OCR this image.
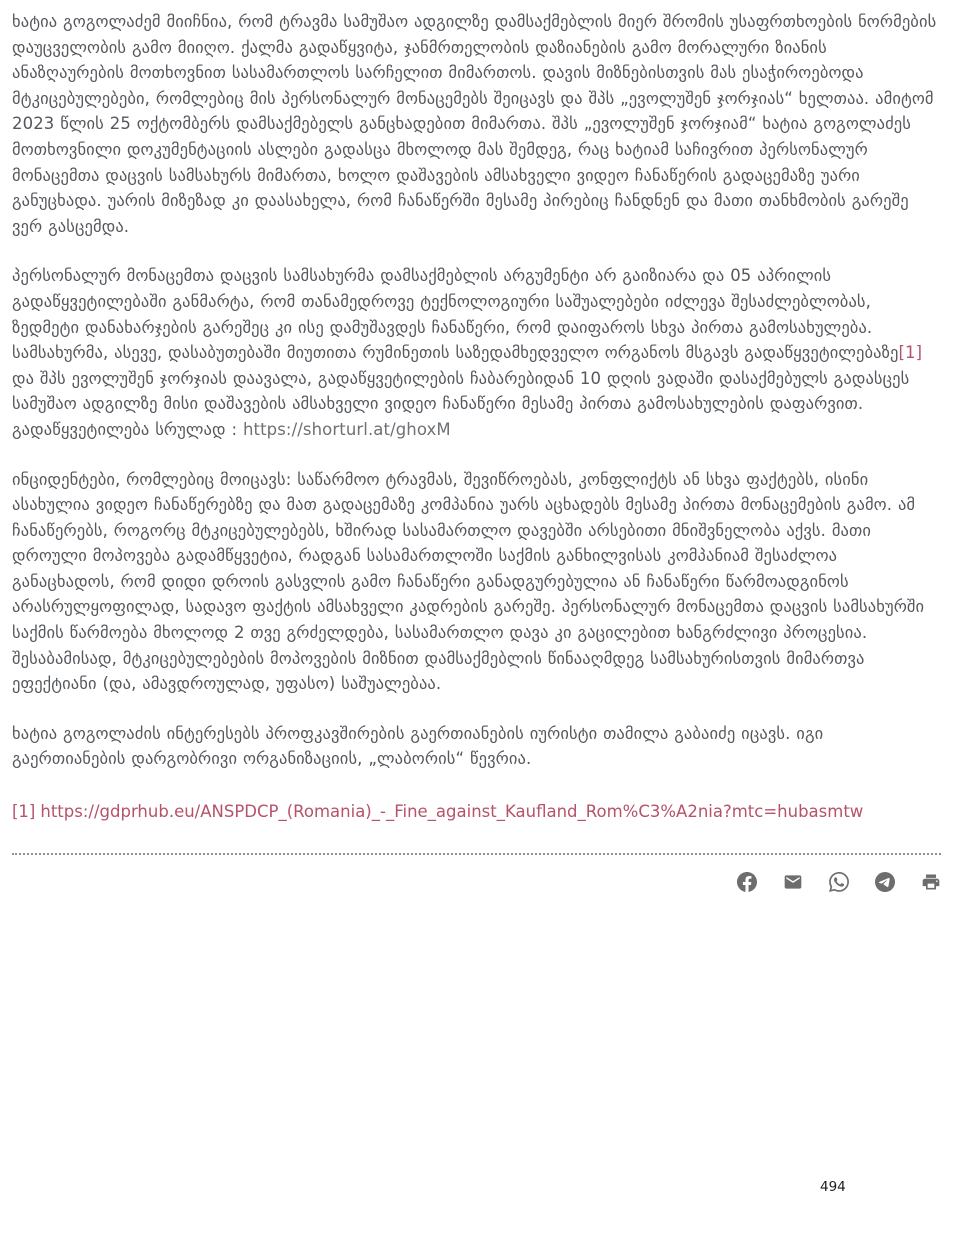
ხატია გოგოლაძემ მიიჩნია, რომ ტრავმა სამუშაო ადგილზე დამსაქმებლის მიერ შრომის უსაფრთხოების ნორმების დაუცველობის გამო მიიღო. ქალმა გადაწყვიტა, ჯანმრთელობის დაზიანების გამო მორალური ზიანის ანაზღაურების მოთხოვნით სასამართლოს სარჩელით მიმართოს. დავის მიზნებისთვის მას ესაჭიროებოდა მტკიცებულებები, რომლებიც მის პერსონალურ მონაცემებს შეიცავს და შპს „ევოლუშენ ჯორჯიას“ ხელთაა. ამიტომ 2023 წლის 25 ოქტომბერს დამსაქმებელს განცხადებით მიმართა. შპს „ევოლუშენ ჯორჯიამ“ ხატია გოგოლაძეს მოთხოვნილი დოკუმენტაციის ასლები გადასცა მხოლოდ მას შემდეგ, რაც ხატიამ საჩივრით პერსონალურ მონაცემთა დაცვის სამსახურს მიმართა, ხოლო დაშავების ამსახველი ვიდეო ჩანაწერის გადაცემაზე უარი განუცხადა. უარის მიზეზად კი დაასახელა, რომ ჩანაწერში მესამე პირებიც ჩანდნენ და მათი თანხმობის გარეშე ვერ გასცემდა.

პერსონალურ მონაცემთა დაცვის სამსახურმა დამსაქმებლის არგუმენტი არ გაიზიარა და 05 აპრილის გადაწყვეტილებაში განმარტა, რომ თანამედროვე ტექნოლოგიური საშუალებები იძლევა შესაძლებლობას, ზედმეტი დანახარჯების გარეშეც კი ისე დამუშავდეს ჩანაწერი, რომ დაიფაროს სხვა პირთა გამოსახულება. სამსახურმა, ასევე, დასაბუთებაში მიუთითა რუმინეთის საზედამხედველო ორგანოს მსგავს გადაწყვეტილებაზე[1] და შპს ევოლუშენ ჯორჯიას დაავალა, გადაწყვეტილების ჩაბარებიდან 10 დღის ვადაში დასაქმებულს გადასცეს სამუშაო ადგილზე მისი დაშავების ამსახველი ვიდეო ჩანაწერი მესამე პირთა გამოსახულების დაფარვით. გადაწყვეტილება სრულად : https://shorturl.at/ghoxM

ინციდენტები, რომლებიც მოიცავს: საწარმოო ტრავმას, შევიწროებას, კონფლიქტს ან სხვა ფაქტებს, ისინი ასახულია ვიდეო ჩანაწერებზე და მათ გადაცემაზე კომპანია უარს აცხადებს მესამე პირთა მონაცემების გამო. ამ ჩანაწერებს, როგორც მტკიცებულებებს, ხშირად სასამართლო დავებში არსებითი მნიშვნელობა აქვს. მათი დროული მოპოვება გადამწყვეტია, რადგან სასამართლოში საქმის განხილვისას კომპანიამ შესაძლოა განაცხადოს, რომ დიდი დროის გასვლის გამო ჩანაწერი განადგურებულია ან ჩანაწერი წარმოადგინოს არასრულყოფილად, სადავო ფაქტის ამსახველი კადრების გარეშე. პერსონალურ მონაცემთა დაცვის სამსახურში საქმის წარმოება მხოლოდ 2 თვე გრძელდება, სასამართლო დავა კი გაცილებით ხანგრძლივი პროცესია. შესაბამისად, მტკიცებულებების მოპოვების მიზნით დამსაქმებლის წინააღმდეგ სამსახურისთვის მიმართვა ეფექტიანი (და, ამავდროულად, უფასო) საშუალებაა.

ხატია გოგოლაძის ინტერესებს პროფკავშირების გაერთიანების იურისტი თამილა გაბაიძე იცავს. იგი გაერთიანების დარგობრივი ორგანიზაციის, „ლაბორის“ წევრია.

[1] https://gdprhub.eu/ANSPDCP_(Romania)_-_Fine_against_Kaufland_Rom%C3%A2nia?mtc=hubasmtw

494
